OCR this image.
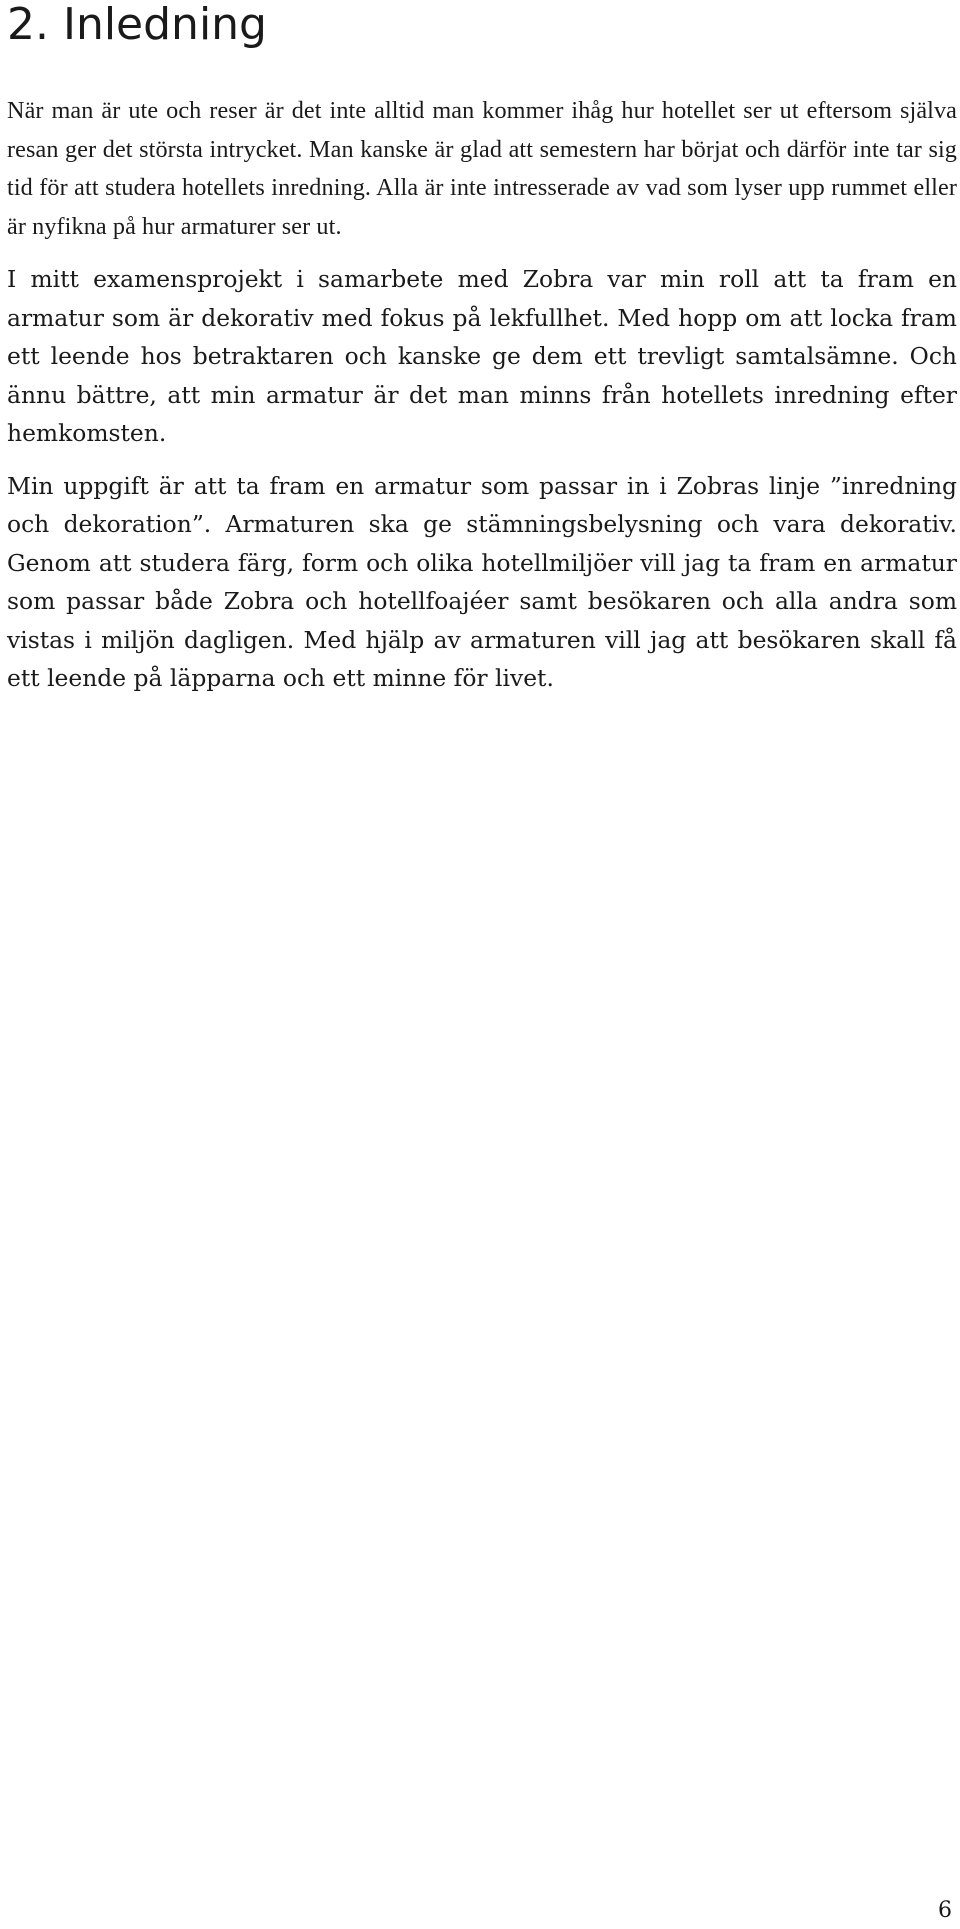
2. Inledning

När man är ute och reser är det inte alltid man kommer ihåg hur hotellet ser ut eftersom själva resan ger det största intrycket. Man kanske är glad att semestern har börjat och därför inte tar sig tid för att studera hotellets inredning. Alla är inte intresserade av vad som lyser upp rummet eller är nyfikna på hur armaturer ser ut.

I mitt examensprojekt i samarbete med Zobra var min roll att ta fram en armatur som är dekorativ med fokus på lekfullhet. Med hopp om att locka fram ett leende hos betraktaren och kanske ge dem ett trevligt samtalsämne. Och ännu bättre, att min armatur är det man minns från hotellets inredning efter hemkomsten.

Min uppgift är att ta fram en armatur som passar in i Zobras linje ”inredning och dekoration”. Armaturen ska ge stämningsbelysning och vara dekorativ. Genom att studera färg, form och olika hotellmiljöer vill jag ta fram en armatur som passar både Zobra och hotellfoajéer samt besökaren och alla andra som vistas i miljön dagligen. Med hjälp av armaturen vill jag att besökaren skall få ett leende på läpparna och ett minne för livet.

6
